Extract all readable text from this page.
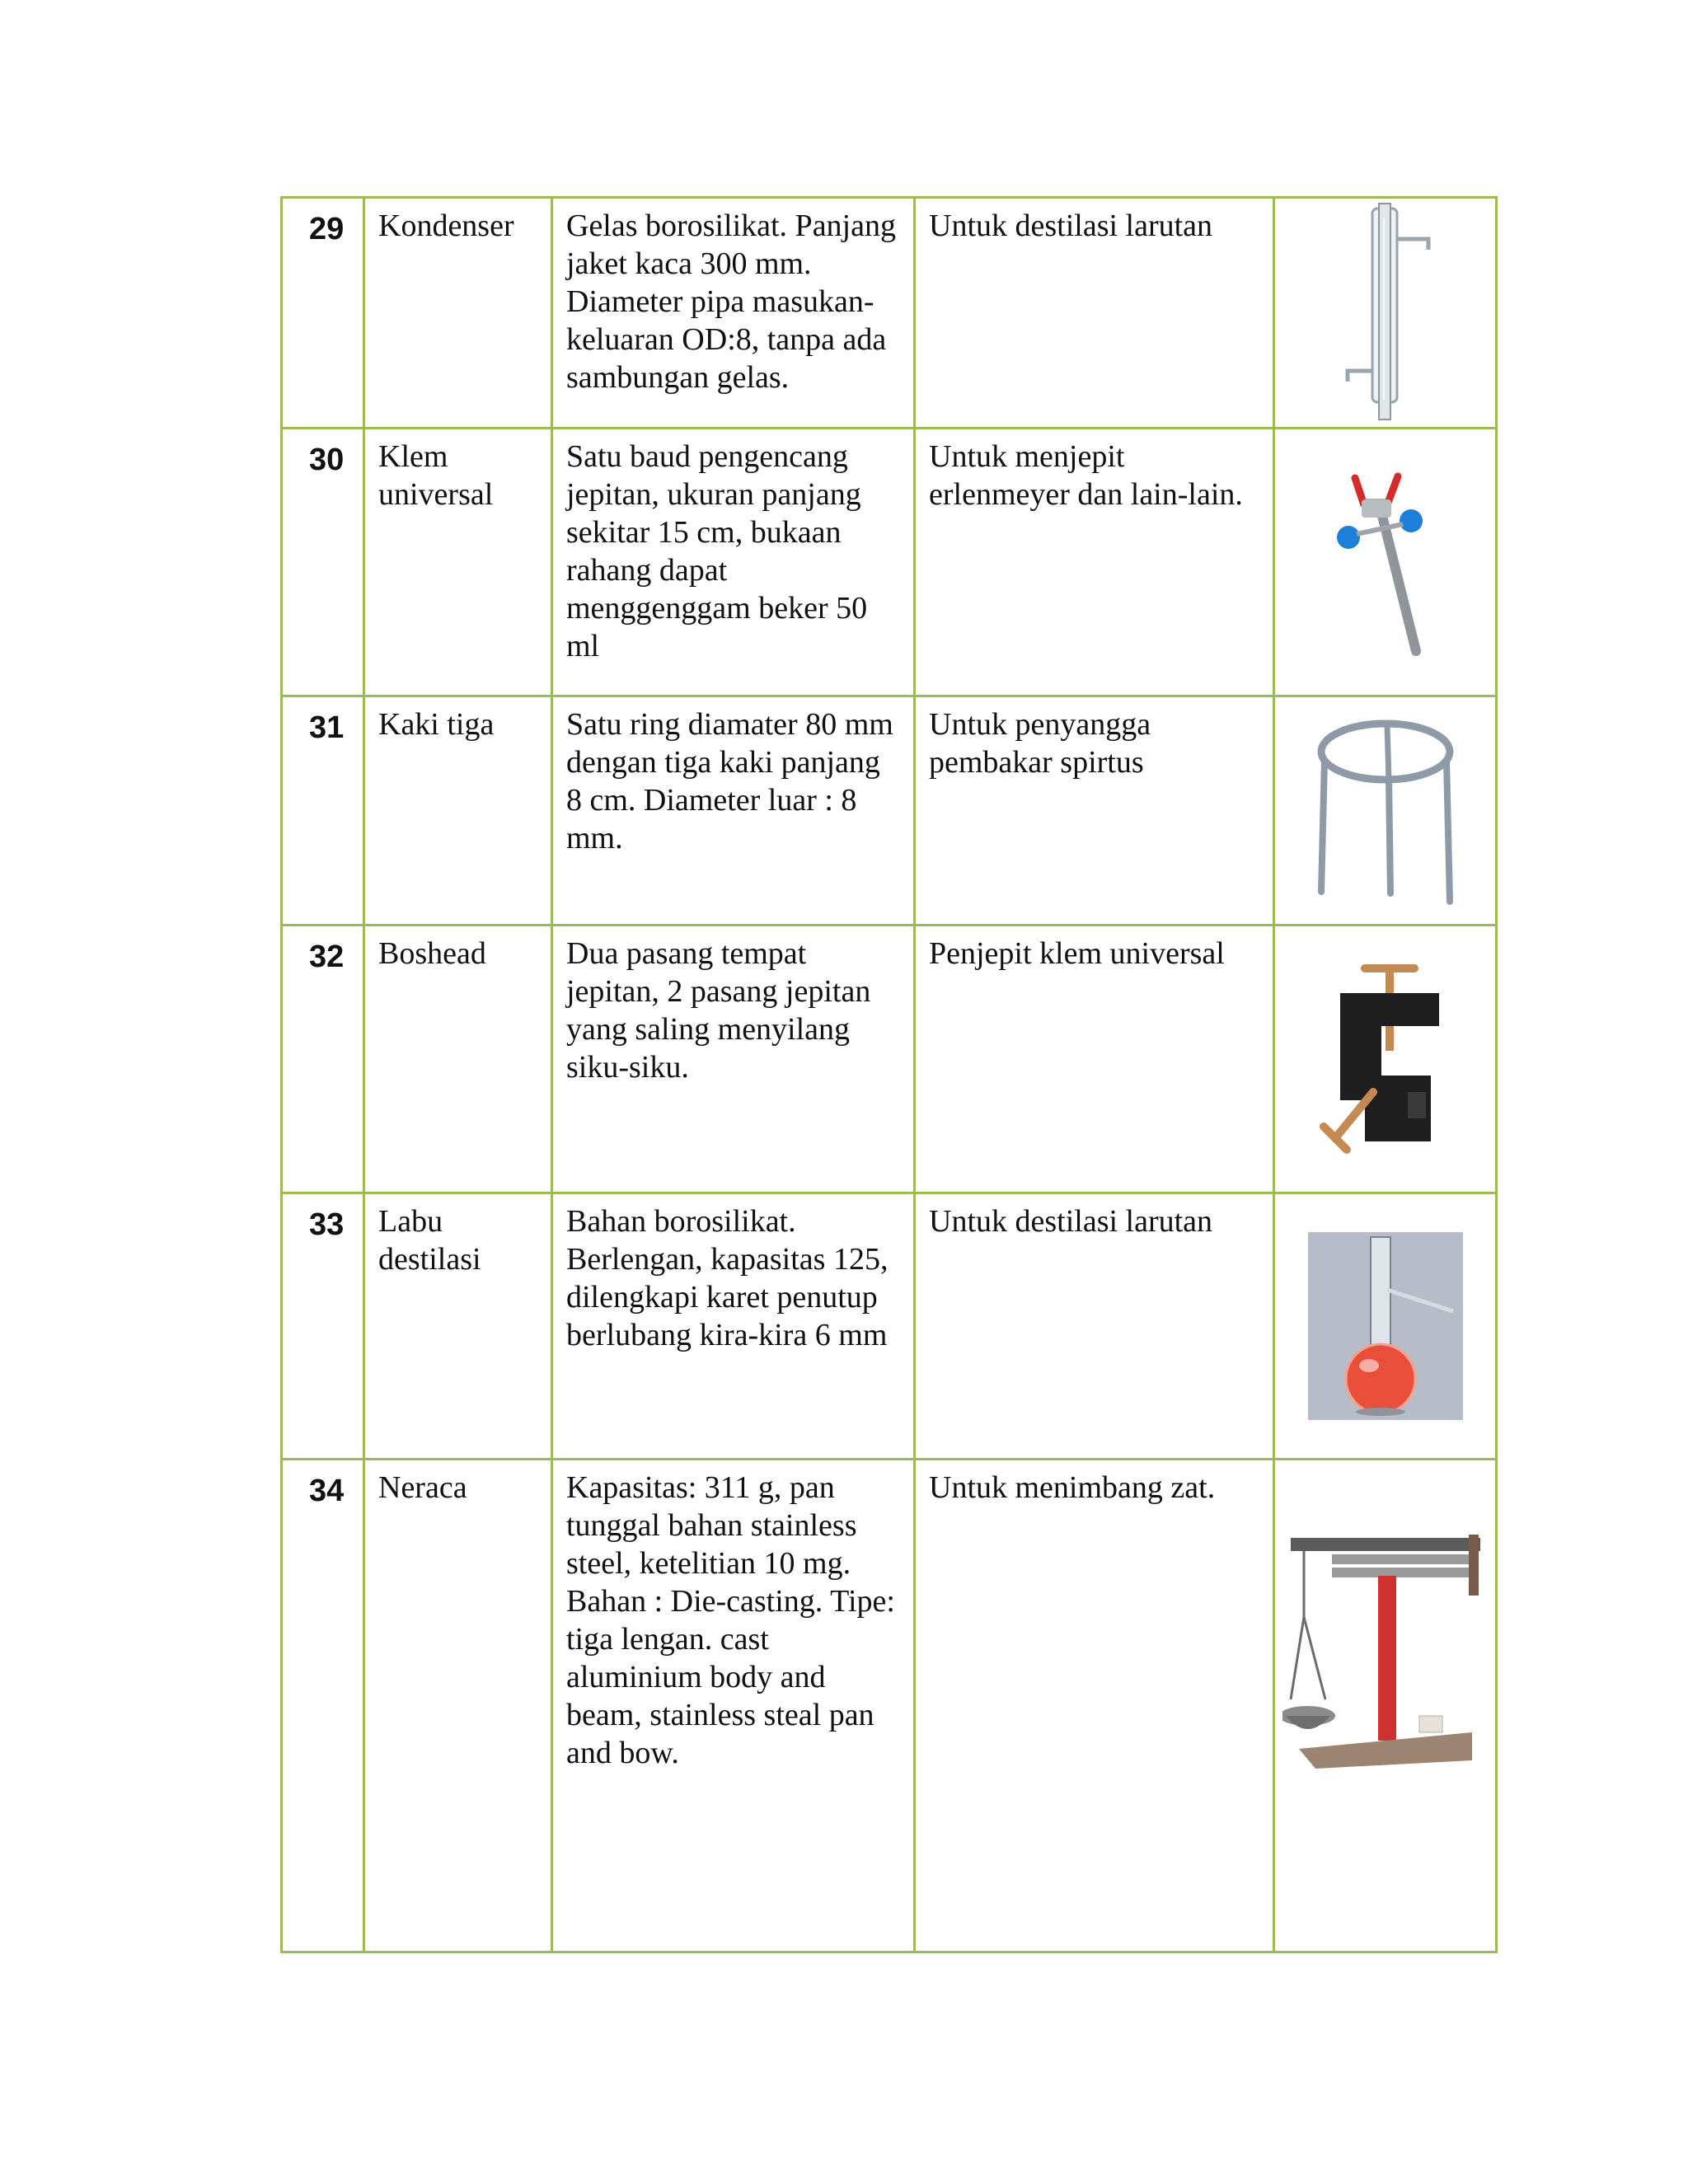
29	Kondenser	Gelas borosilikat. Panjang jaket kaca 300 mm. Diameter pipa masukan-keluaran OD:8, tanpa ada sambungan gelas.	Untuk destilasi larutan	

30	Klem universal	Satu baud pengencang jepitan, ukuran panjang sekitar 15 cm, bukaan rahang dapat menggenggam beker 50 ml	Untuk menjepit erlenmeyer dan lain-lain.	

31	Kaki tiga	Satu ring diamater 80 mm dengan tiga kaki panjang 8 cm. Diameter luar : 8 mm.	Untuk penyangga pembakar spirtus	

32	Boshead	Dua pasang tempat jepitan, 2 pasang jepitan yang saling menyilang siku-siku.	Penjepit klem universal	

33	Labu destilasi	Bahan borosilikat. Berlengan, kapasitas 125, dilengkapi karet penutup berlubang kira-kira 6 mm	Untuk destilasi larutan	

34	Neraca	Kapasitas: 311 g, pan tunggal bahan stainless steel, ketelitian 10 mg. Bahan : Die-casting. Tipe: tiga lengan. cast aluminium body and beam, stainless steal pan and bow.	Untuk menimbang zat.	
